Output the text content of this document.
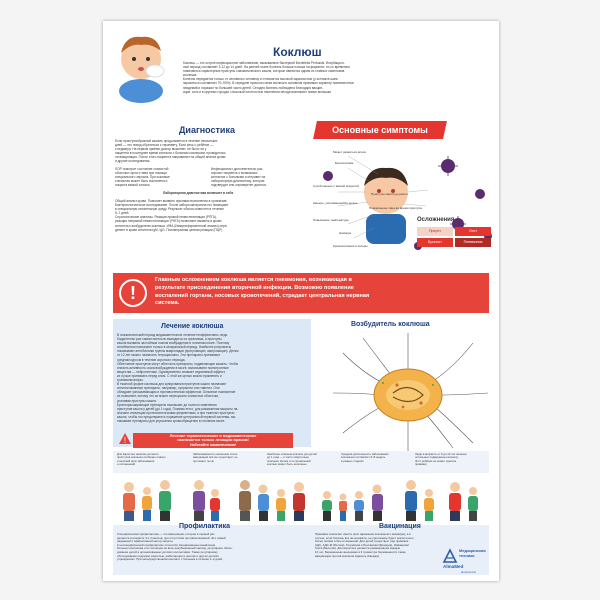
Коклюш
Коклюш — это острое инфекционное заболевание, вызываемое бактерией Bordetella Pertussis. Инкубацион-
ный период составляет 3-12 до 14 дней. На ранней этапе болезнь больше похожа на фарингит, но со временем
появляются характерные приступы спазматического кашля, которые являются одним из главных симптомов
коклюша.
Болезнь передается только от человека к человеку и отличается высокой заразностью (у контакта шанс
заразиться составляет 70–90%). В середине прошлого века коклюш в основном принимал характер повсеместных
эпидемий и поражал по большей части детей. Сегодня болезнь побеждена благодаря вакцин-
ации, хотя и в крупных городах с высокой плотностью населения иногда возникают новые вспышки
Диагностика
Если приступообразный кашель продолжается в течение нескольких
дней — это повод обратиться к терапевту. Если речь о ребёнке —
к педиатру. На первом приёме доктор выясняет, не было ли у
пациента в последнее время контакта с больным коклюшем, проводилось
ли вакцинация. После этого пациента направляют на общий анализ крови
и другие исследования.
ЛОР осмотрит состояние слизистой
оболочки горла и зева при помощи
специального зеркала. При коклюше
слизистая может быть воспалена и
покрыта вязкой слизью.
Инфекционист дополнительно рас-
спросит пациента о возможных
контактах с больными и отправит на
лабораторную диагностику, которая
подтвердит или опровергнет диагноз.
Лабораторная диагностика включает в себя
Общий анализ крови. Помогает выявить признаки воспаления в организме.
Бактериологическое исследование. После забора материала его помещают
в специальную питательную среду. Результат обычно известен в течение
5–7 дней.
Серологические анализы. Реакция прямой гемагглютинации (РПГА),
реакция непрямой гемагглютинации (РНГА) позволяют выявить в крови
антитела к возбудителю коклюша. ИФА (Иммуноферментный анализ) опре-
деляет в крови антитела IgM, IgG. Полимеразная цепная реакция (ПЦР)
Основные симптомы
Может развиться апноэ
Бронхоспазм
Сухой кашель с вязкой мокротой
Кашель, усиливающийся ночью
Приступы кашля до рвоты
Покраснение лица во время приступа
Повышение температуры
Насморк
Кровоизлияния в склеры
Осложнения
Пререт	Отит
Бронхит	Пневмония
!
Главным осложнением коклюша является пневмония, возникающая в
результате присоединения вторичной инфекции. Возможно появление
воспалений гортани, носовых кровотечений, страдает центральная нервная
система.
Лечение коклюша
В спазматический период медикаментозное лечение неэффективно, ведь
бордетеллы уже самостоятельно выводятся из организма, а приступы
кашля вызваны застойным очагом возбуждения в головном мозге. Поэтому
антибиотики назначают только в катаральный период. Наиболее результаты
показывают антибиотики группы макролидов (эритромицин, азитромицин). Детям
от 12 лет можно назначить тетрациклины. Эти препараты принимают
средним курсом в течение короткого периода.
Облегчение приступов могут облегчить препараты, подавляющие кашель. Чтобы
снизить активность очага возбуждения в мозге, выписывают психотропные
вещества — нейролептики. Одновременно снимает седативный эффект,
их лучше принимать перед сном. С этой же целью можно применять и
транквилизаторы.
В тяжелой форме коклюша для купирования приступов кашля назначают
антигистаминные препараты, например, супрастин или тавегил. Они
обладают успокаивающим и противоотечным эффектом. Основное назначение
их позволяет, потому что их может пересушить слизистые оболочки,
усиливая приступы кашля.
Бронхорасширяющие препараты назначают до полного изменения
приступов кашля у детей (до 1 года). Помимо этого, для разжижения мокроты на-
значают ингаляции протеолитическими ферментами, а при тяжелых приступах
кашля, чтобы это предотвратить поражение центральной нервной системы, вы-
писывают препараты для улучшения кровообращения в головном мозге.
Лечение терапевтическое и медикаментозное
назначается только лечащим врачом!
Избегайте самолечения!
!
Возбудитель коклюша
Для взрослых наличие детского
приступов коклюша особенно опасно
и высокий риск заболевания
и осложнений
Заболеваемость коклюшем после
вакцинации всё же существует, но
протекает легче
Наиболее опасным коклюш для детей
до 1 года — и часто смертельно
опасным. Кроме того проявлений
коклюш может быть неполные
Средняя длительность заболевания
коклюшем составляет 6–8 недель
в разных стадиях
Люди в возрасте от 6 до 14 лет меньше
остальных подвержены коклюшу.
Этот ребёнок не может сделать
прививку
Профилактика
Специфическая профилактика — это вакцинация, которая в первый раз
делается в возрасте 3 и 4 месяца, при отсутствии противопоказаний. Это самый
надежный и эффективный метод защиты.
К неспецифической профилактике относится своевременное выявление
больных коклюшем и их изоляция на весь инкубационный период, регулярное обсле-
дование детей в организованных детских коллективах. Также регулярному
обследованию подлежат взрослые, работающие в школах и других детских
учреждениях. При непосредственном контакте с больным в течение 1–2 дней.
Вакцинация
Прививка позволяет свести риск заражения коклюшем к минимуму, а в
случае, если болезнь все же возникла, ее протекание будет значительно
более легким и без осложнений. Для детей существует ряд прививок:
АДС, АДС-М (Россия), Тетраксим и Пентаксим (Франция), Инфанрикс
Гекса (Бельгия). Для взрослых делается ревакцинация каждые
10 лет. Беременным женщинам в 3 триместре беременности также
вакцинацию против коклюша Адасель (Канада).
Медицинская
техника
AlmaMed
almamed.su
